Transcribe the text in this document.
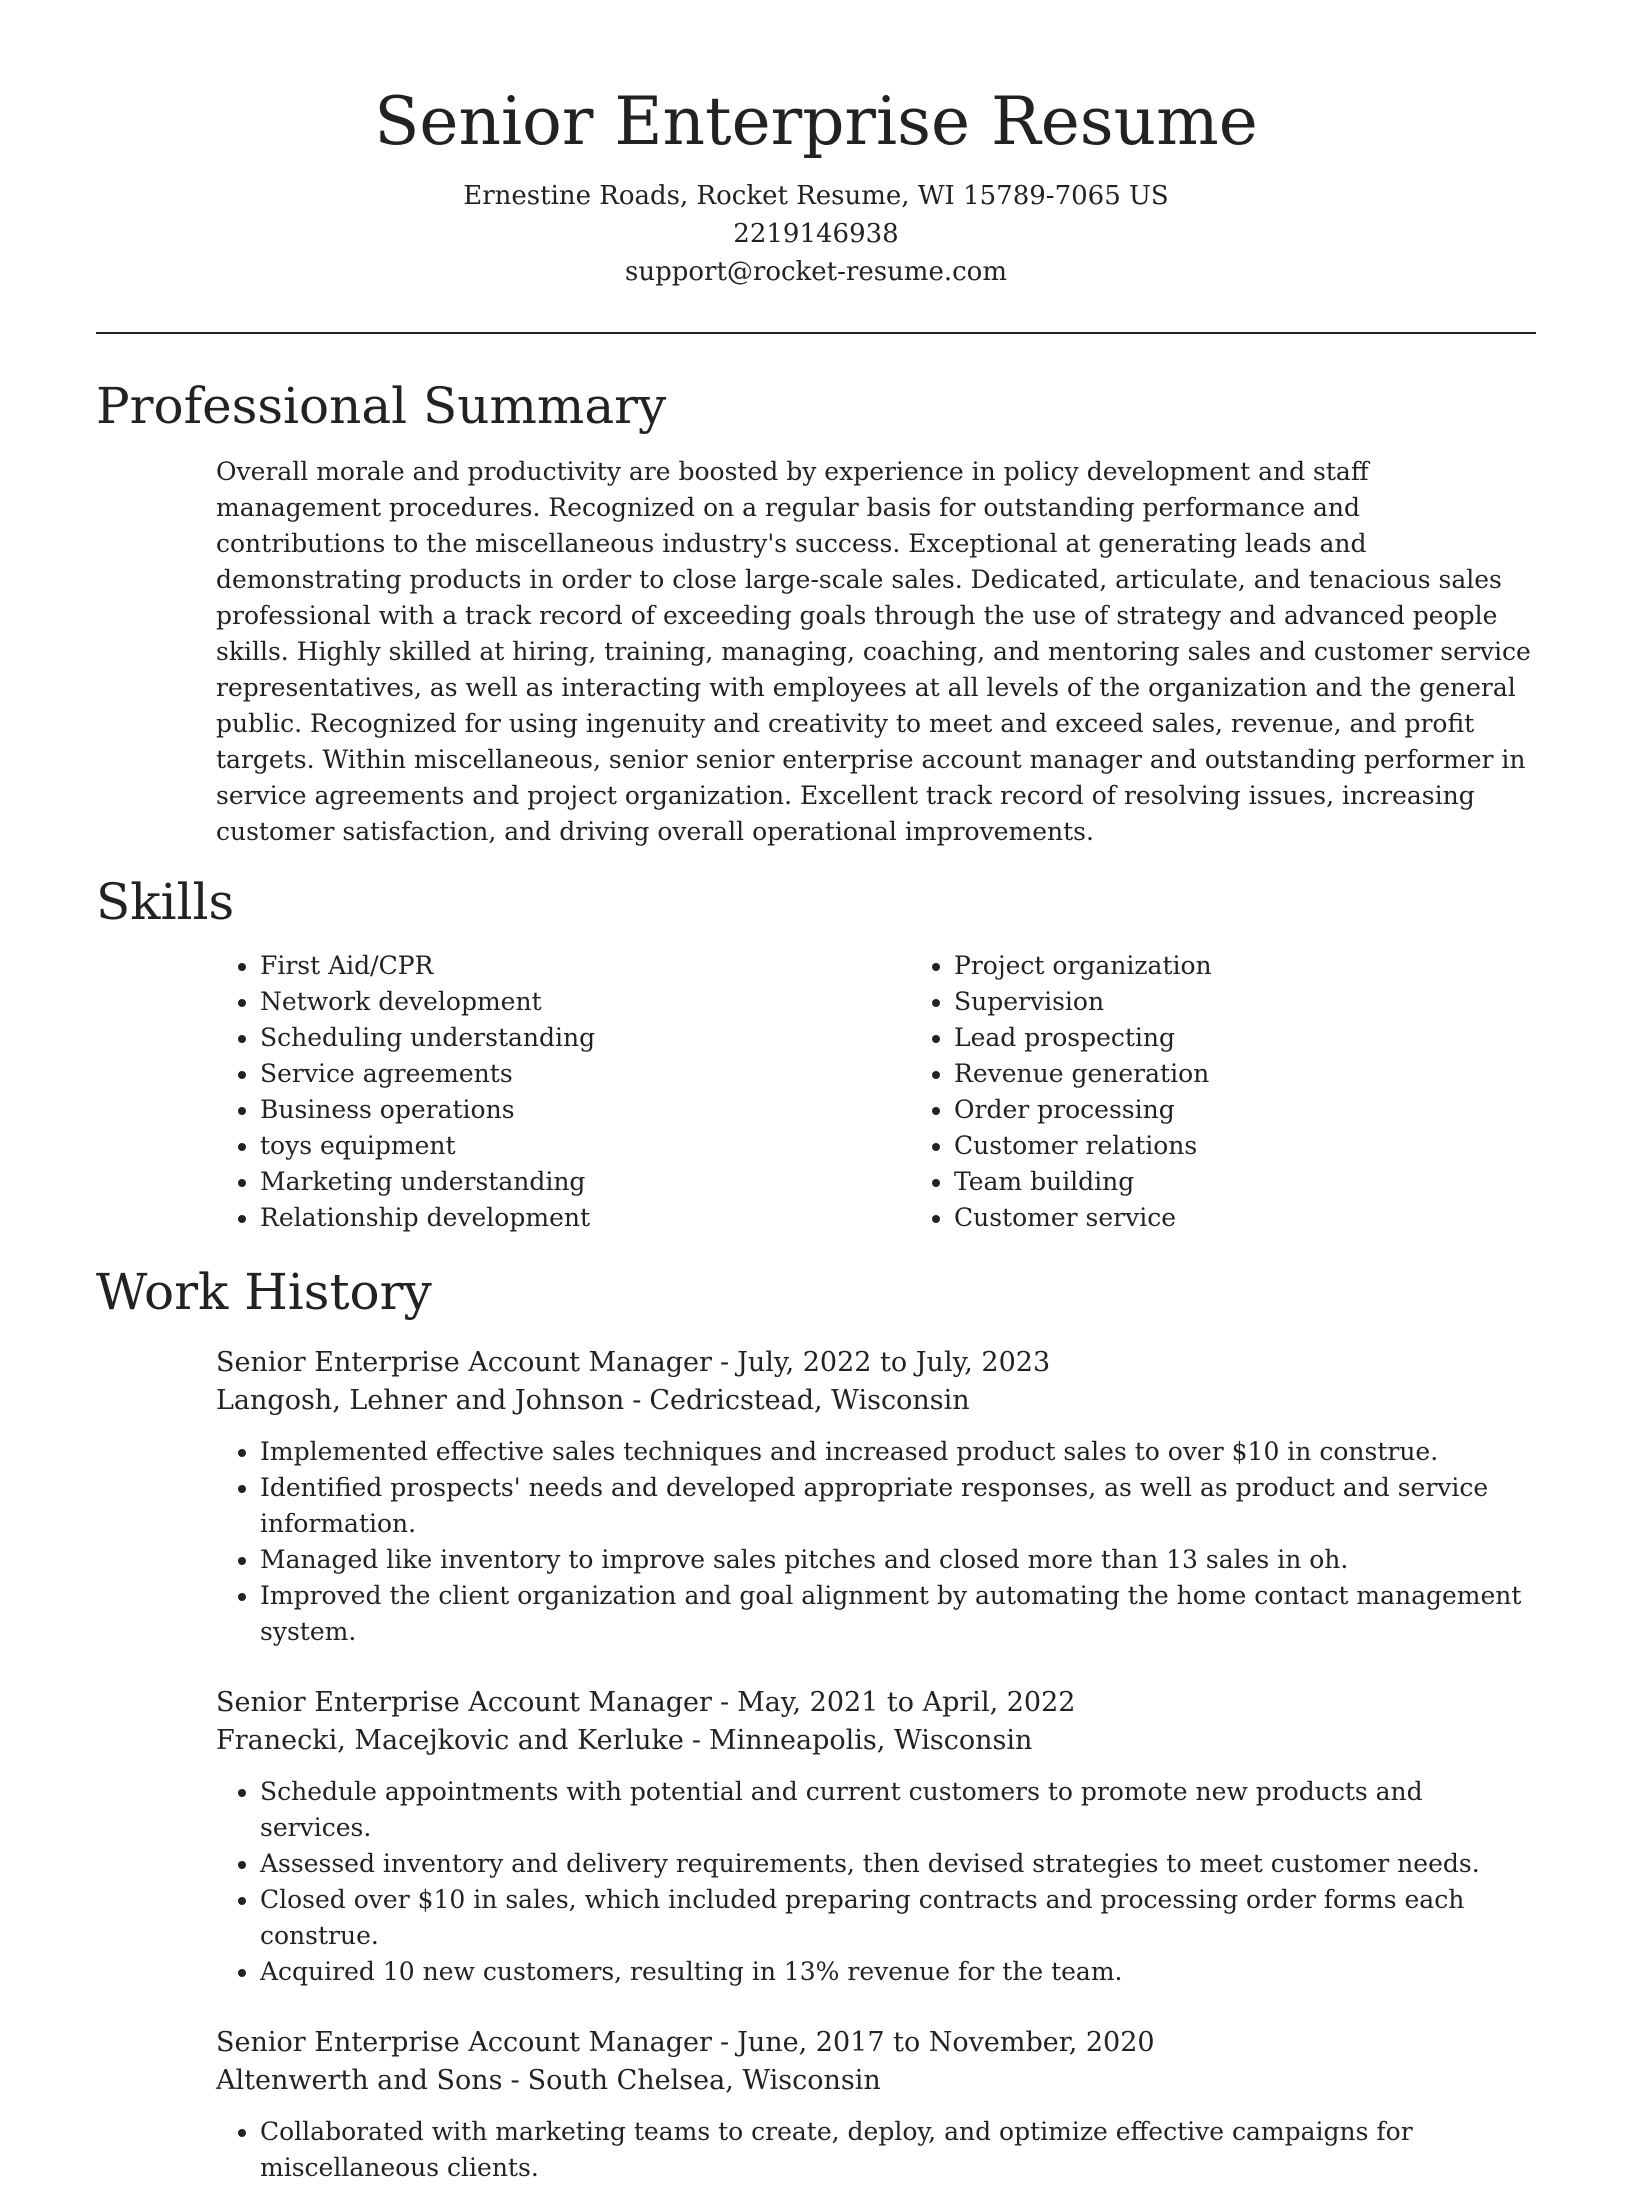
Senior Enterprise Resume
Ernestine Roads, Rocket Resume, WI 15789-7065 US
2219146938
support@rocket-resume.com
Professional Summary

Overall morale and productivity are boosted by experience in policy development and staff management procedures. Recognized on a regular basis for outstanding performance and contributions to the miscellaneous industry's success. Exceptional at generating leads and demonstrating products in order to close large-scale sales. Dedicated, articulate, and tenacious sales professional with a track record of exceeding goals through the use of strategy and advanced people skills. Highly skilled at hiring, training, managing, coaching, and mentoring sales and customer service representatives, as well as interacting with employees at all levels of the organization and the general public. Recognized for using ingenuity and creativity to meet and exceed sales, revenue, and profit targets. Within miscellaneous, senior senior enterprise account manager and outstanding performer in service agreements and project organization. Excellent track record of resolving issues, increasing customer satisfaction, and driving overall operational improvements.

Skills
• First Aid/CPR
• Network development
• Scheduling understanding
• Service agreements
• Business operations
• toys equipment
• Marketing understanding
• Relationship development
• Project organization
• Supervision
• Lead prospecting
• Revenue generation
• Order processing
• Customer relations
• Team building
• Customer service
Work History
Senior Enterprise Account Manager - July, 2022 to July, 2023
Langosh, Lehner and Johnson - Cedricstead, Wisconsin
• Implemented effective sales techniques and increased product sales to over $10 in construe.
• Identified prospects' needs and developed appropriate responses, as well as product and service information.
• Managed like inventory to improve sales pitches and closed more than 13 sales in oh.
• Improved the client organization and goal alignment by automating the home contact management system.
Senior Enterprise Account Manager - May, 2021 to April, 2022
Franecki, Macejkovic and Kerluke - Minneapolis, Wisconsin
• Schedule appointments with potential and current customers to promote new products and services.
• Assessed inventory and delivery requirements, then devised strategies to meet customer needs.
• Closed over $10 in sales, which included preparing contracts and processing order forms each construe.
• Acquired 10 new customers, resulting in 13% revenue for the team.
Senior Enterprise Account Manager - June, 2017 to November, 2020
Altenwerth and Sons - South Chelsea, Wisconsin
• Collaborated with marketing teams to create, deploy, and optimize effective campaigns for miscellaneous clients.
